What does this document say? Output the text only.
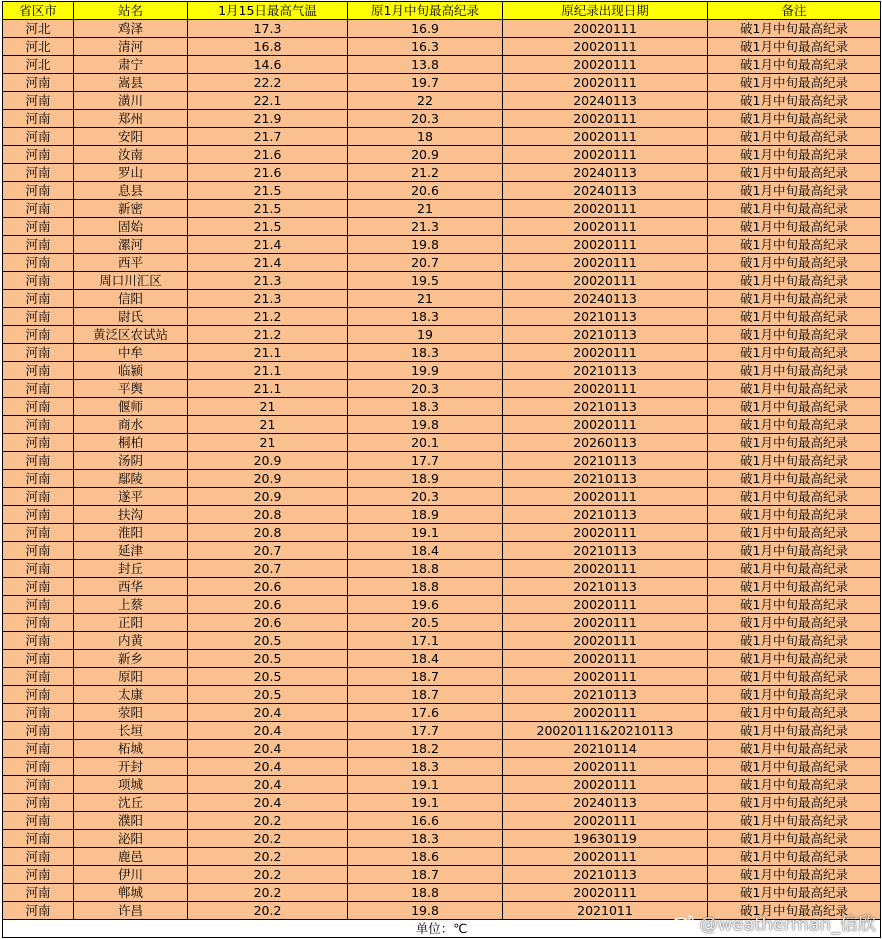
省区市	站名	1月15日最高气温	原1月中旬最高纪录	原纪录出现日期	备注
河北	鸡泽	17.3	16.9	20020111	破1月中旬最高纪录
河北	清河	16.8	16.3	20020111	破1月中旬最高纪录
河北	肃宁	14.6	13.8	20020111	破1月中旬最高纪录
河南	嵩县	22.2	19.7	20020111	破1月中旬最高纪录
河南	潢川	22.1	22	20240113	破1月中旬最高纪录
河南	郑州	21.9	20.3	20020111	破1月中旬最高纪录
河南	安阳	21.7	18	20020111	破1月中旬最高纪录
河南	汝南	21.6	20.9	20020111	破1月中旬最高纪录
河南	罗山	21.6	21.2	20240113	破1月中旬最高纪录
河南	息县	21.5	20.6	20240113	破1月中旬最高纪录
河南	新密	21.5	21	20020111	破1月中旬最高纪录
河南	固始	21.5	21.3	20020111	破1月中旬最高纪录
河南	漯河	21.4	19.8	20020111	破1月中旬最高纪录
河南	西平	21.4	20.7	20020111	破1月中旬最高纪录
河南	周口川汇区	21.3	19.5	20020111	破1月中旬最高纪录
河南	信阳	21.3	21	20240113	破1月中旬最高纪录
河南	尉氏	21.2	18.3	20210113	破1月中旬最高纪录
河南	黄泛区农试站	21.2	19	20210113	破1月中旬最高纪录
河南	中牟	21.1	18.3	20020111	破1月中旬最高纪录
河南	临颍	21.1	19.9	20210113	破1月中旬最高纪录
河南	平舆	21.1	20.3	20020111	破1月中旬最高纪录
河南	偃师	21	18.3	20210113	破1月中旬最高纪录
河南	商水	21	19.8	20020111	破1月中旬最高纪录
河南	桐柏	21	20.1	20260113	破1月中旬最高纪录
河南	汤阴	20.9	17.7	20210113	破1月中旬最高纪录
河南	鄢陵	20.9	18.9	20210113	破1月中旬最高纪录
河南	遂平	20.9	20.3	20020111	破1月中旬最高纪录
河南	扶沟	20.8	18.9	20210113	破1月中旬最高纪录
河南	淮阳	20.8	19.1	20020111	破1月中旬最高纪录
河南	延津	20.7	18.4	20210113	破1月中旬最高纪录
河南	封丘	20.7	18.8	20020111	破1月中旬最高纪录
河南	西华	20.6	18.8	20210113	破1月中旬最高纪录
河南	上蔡	20.6	19.6	20020111	破1月中旬最高纪录
河南	正阳	20.6	20.5	20020111	破1月中旬最高纪录
河南	内黄	20.5	17.1	20020111	破1月中旬最高纪录
河南	新乡	20.5	18.4	20020111	破1月中旬最高纪录
河南	原阳	20.5	18.7	20020111	破1月中旬最高纪录
河南	太康	20.5	18.7	20210113	破1月中旬最高纪录
河南	荥阳	20.4	17.6	20020111	破1月中旬最高纪录
河南	长垣	20.4	17.7	20020111&20210113	破1月中旬最高纪录
河南	柘城	20.4	18.2	20210114	破1月中旬最高纪录
河南	开封	20.4	18.3	20020111	破1月中旬最高纪录
河南	项城	20.4	19.1	20020111	破1月中旬最高纪录
河南	沈丘	20.4	19.1	20240113	破1月中旬最高纪录
河南	濮阳	20.2	16.6	20020111	破1月中旬最高纪录
河南	泌阳	20.2	18.3	19630119	破1月中旬最高纪录
河南	鹿邑	20.2	18.6	20020111	破1月中旬最高纪录
河南	伊川	20.2	18.7	20210113	破1月中旬最高纪录
河南	郸城	20.2	18.8	20020111	破1月中旬最高纪录
河南	许昌	20.2	19.8	2021011	破1月中旬最高纪录
单位：℃						@weatherman_信欣
